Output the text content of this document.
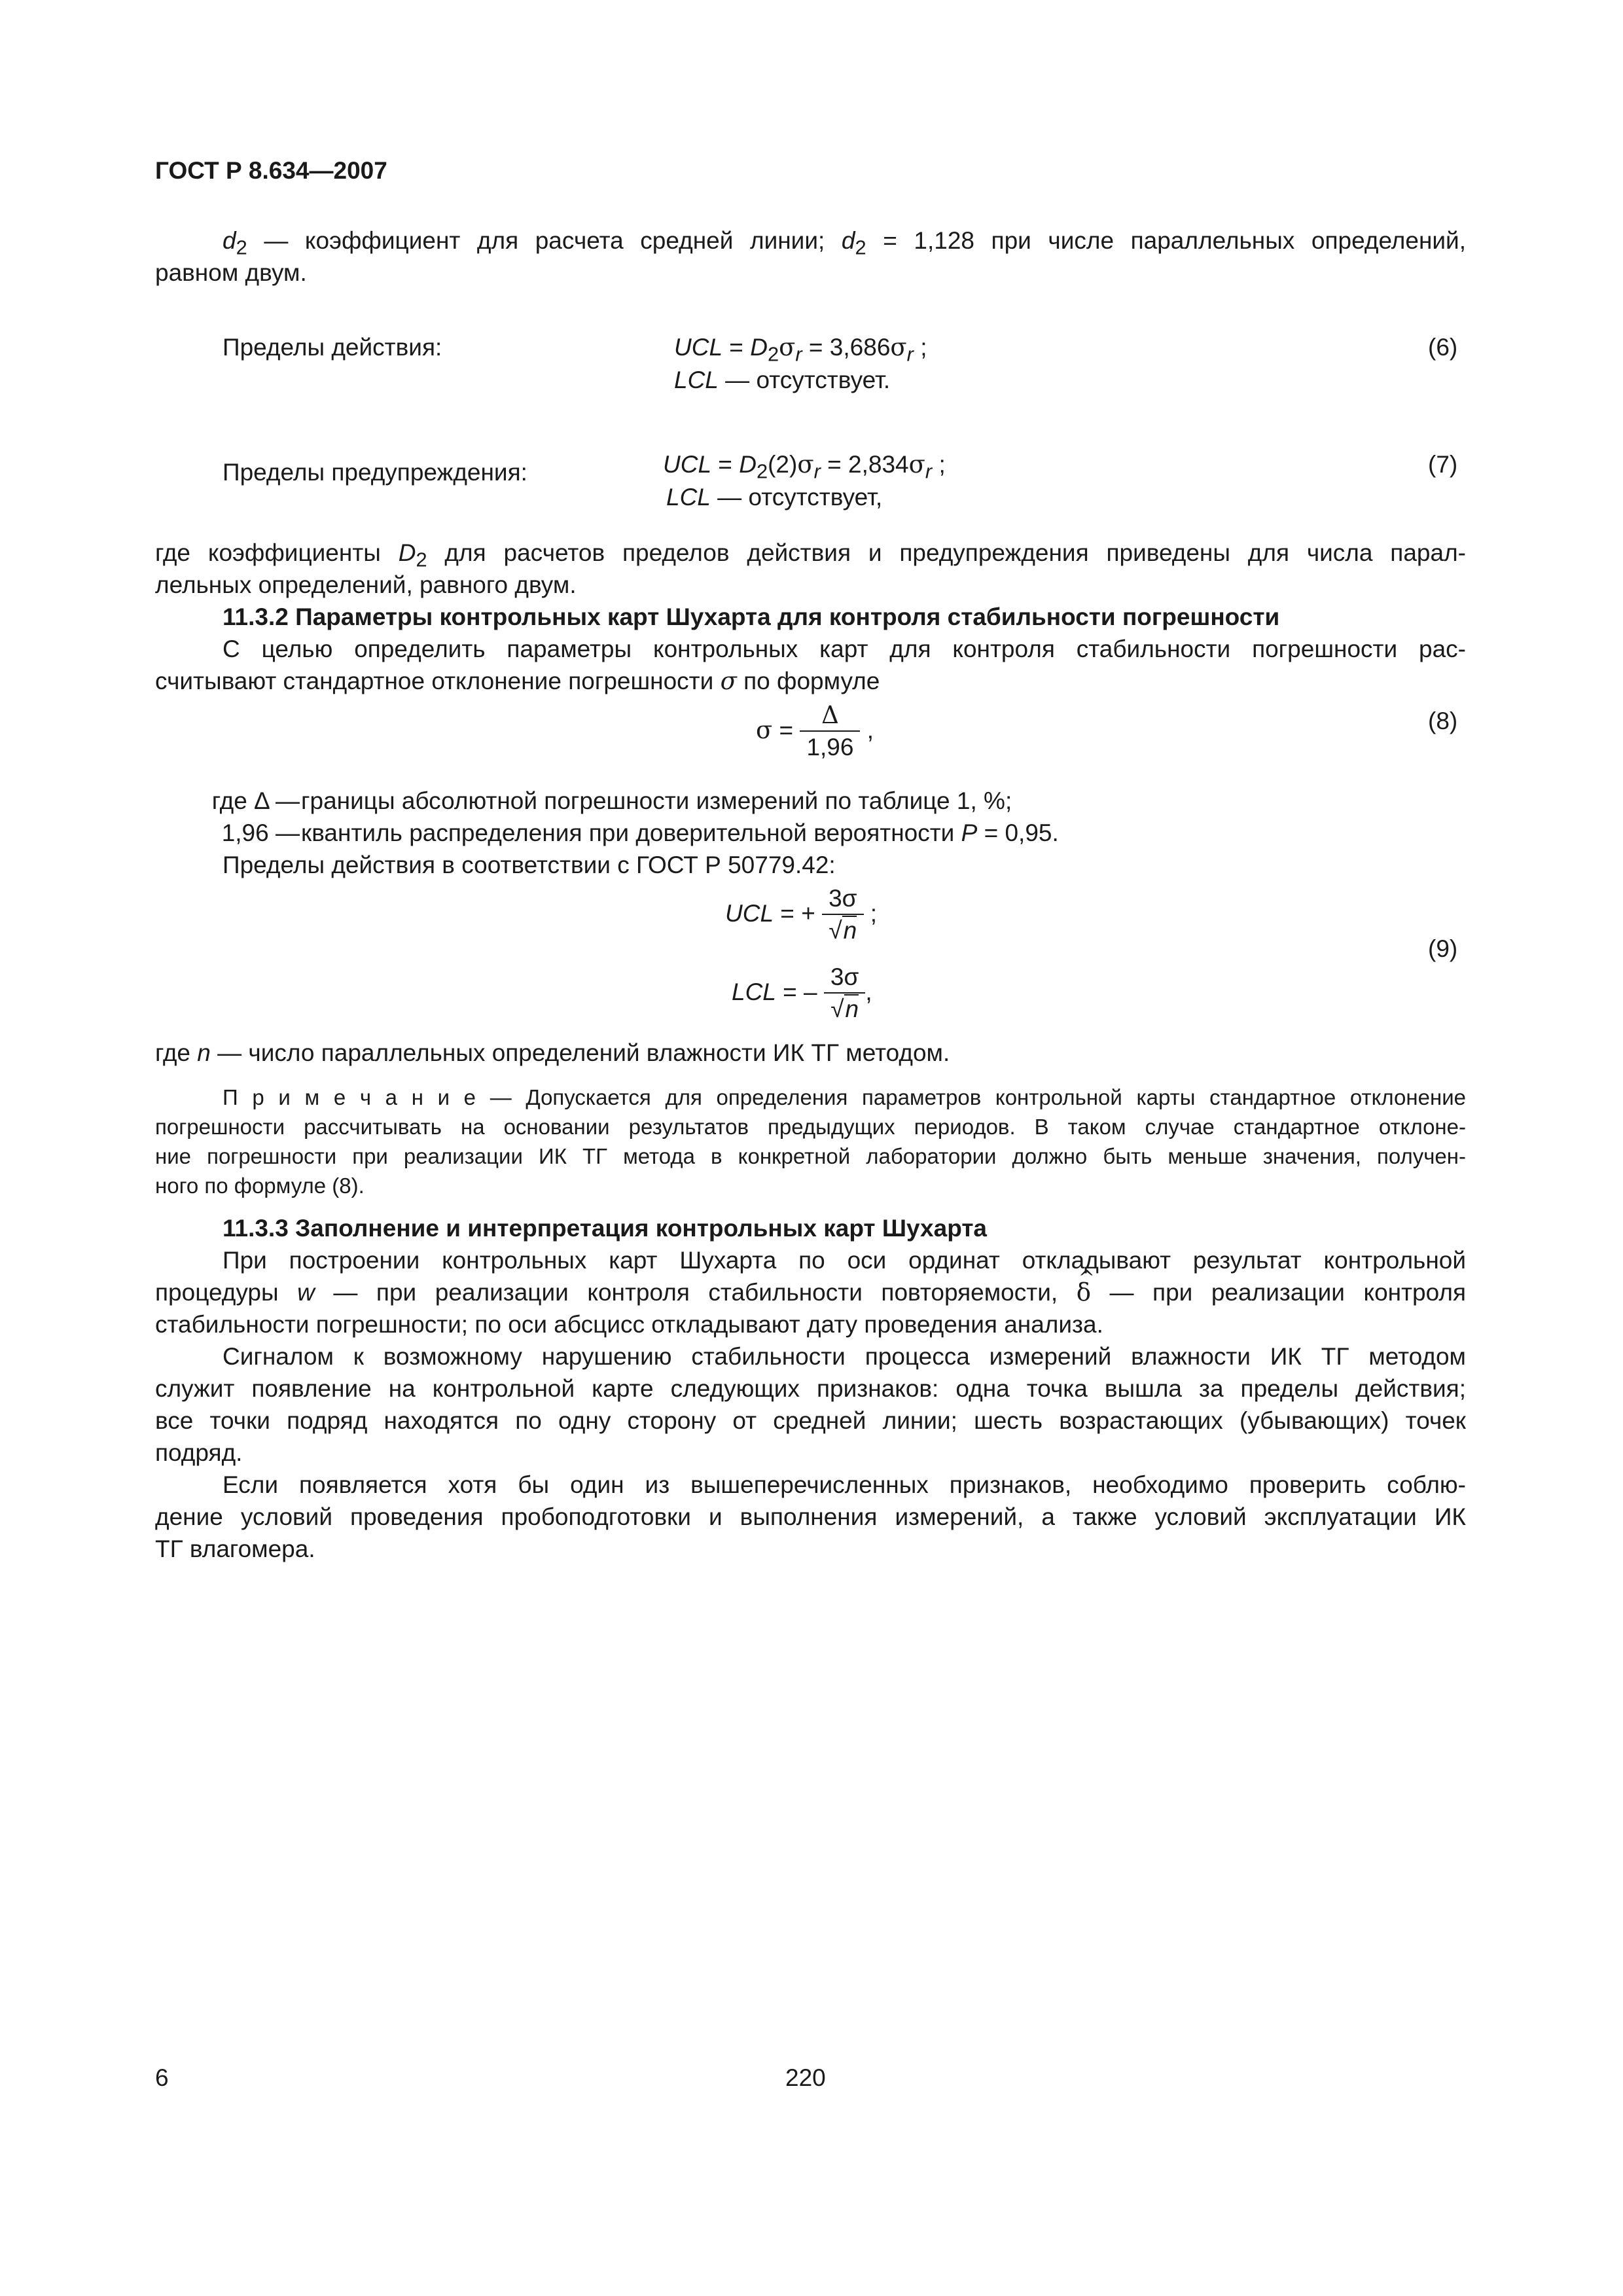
ГОСТ Р 8.634—2007
$d_2$ — коэффициент для расчета средней линии; $d_2 = 1,128$ при числе параллельных определений,
равном двум.
Пределы действия:	UCL = $D_2\sigma_r = 3,686\sigma_r$ ;
LCL — отсутствует.
(6)
Пределы предупреждения:	UCL = $D_2(2)\sigma_r = 2,834\sigma_r$ ;
LCL — отсутствует,
(7)
где коэффициенты $D_2$ для расчетов пределов действия и предупреждения приведены для числа парал-
лельных определений, равного двум.
11.3.2 Параметры контрольных карт Шухарта для контроля стабильности погрешности
С целью определить параметры контрольных карт для контроля стабильности погрешности рас-
считывают стандартное отклонение погрешности σ по формуле
$\sigma = \frac{\Delta}{1,96}$ ,	(8)
где Δ — границы абсолютной погрешности измерений по таблице 1, %;
1,96 — квантиль распределения при доверительной вероятности P = 0,95.
Пределы действия в соответствии с ГОСТ Р 50779.42:
UCL = + $\frac{3\sigma}{√n}$ ;
LCL = – $\frac{3\sigma}{√n}$ ,
(9)
где n — число параллельных определений влажности ИК ТГ методом.
П р и м е ч а н и е — Допускается для определения параметров контрольной карты стандартное отклонение
погрешности рассчитывать на основании результатов предыдущих периодов. В таком случае стандартное отклоне-
ние погрешности при реализации ИК ТГ метода в конкретной лаборатории должно быть меньше значения, получен-
ного по формуле (8).
11.3.3 Заполнение и интерпретация контрольных карт Шухарта
При построении контрольных карт Шухарта по оси ординат откладывают результат контрольной
процедуры w — при реализации контроля стабильности повторяемости, ^ δ — при реализации контроля
стабильности погрешности; по оси абсцисс откладывают дату проведения анализа.
Сигналом к возможному нарушению стабильности процесса измерений влажности ИК ТГ методом
служит появление на контрольной карте следующих признаков: одна точка вышла за пределы действия;
все точки подряд находятся по одну сторону от средней линии; шесть возрастающих (убывающих) точек
подряд.
Если появляется хотя бы один из вышеперечисленных признаков, необходимо проверить соблю-
дение условий проведения пробоподготовки и выполнения измерений, а также условий эксплуатации ИК
ТГ влагомера.
6	220
